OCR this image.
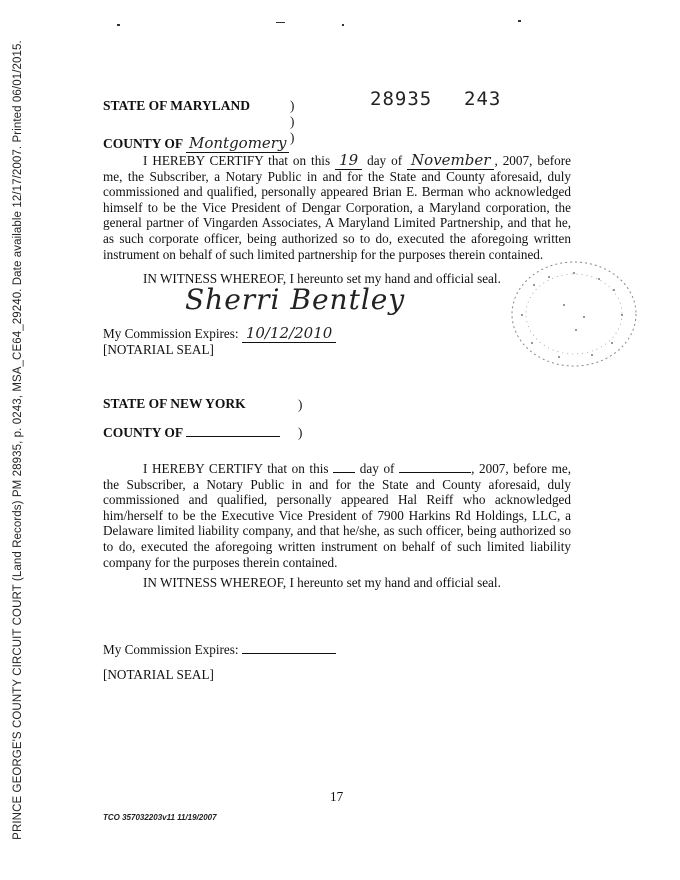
PRINCE GEORGE'S COUNTY CIRCUIT COURT (Land Records) PM 28935, p. 0243, MSA_CE64_29240. Date available 12/17/2007. Printed 06/01/2015.	28935 243
STATE OF MARYLAND	)
)
COUNTY OF Montgomery )
I HEREBY CERTIFY that on this 19 day of November , 2007, before me, the Subscriber, a Notary Public in and for the State and County aforesaid, duly commissioned and qualified, personally appeared Brian E. Berman who acknowledged himself to be the Vice President of Dengar Corporation, a Maryland corporation, the general partner of Vingarden Associates, A Maryland Limited Partnership, and that he, as such corporate officer, being authorized so to do, executed the aforegoing written instrument on behalf of such limited partnership for the purposes therein contained.
IN WITNESS WHEREOF, I hereunto set my hand and official seal.
Sherri Bentley
My Commission Expires: 10/12/2010
[NOTARIAL SEAL]
STATE OF NEW YORK	)
COUNTY OF	)
I HEREBY CERTIFY that on this day of	, 2007, before me, the Subscriber, a Notary Public in and for the State and County aforesaid, duly commissioned and qualified, personally appeared Hal Reiff who acknowledged him/herself to be the Executive Vice President of 7900 Harkins Rd Holdings, LLC, a Delaware limited liability company, and that he/she, as such officer, being authorized so to do, executed the aforegoing written instrument on behalf of such limited liability company for the purposes therein contained.
IN WITNESS WHEREOF, I hereunto set my hand and official seal.
My Commission Expires:
[NOTARIAL SEAL]
17
TCO 357032203v11 11/19/2007
